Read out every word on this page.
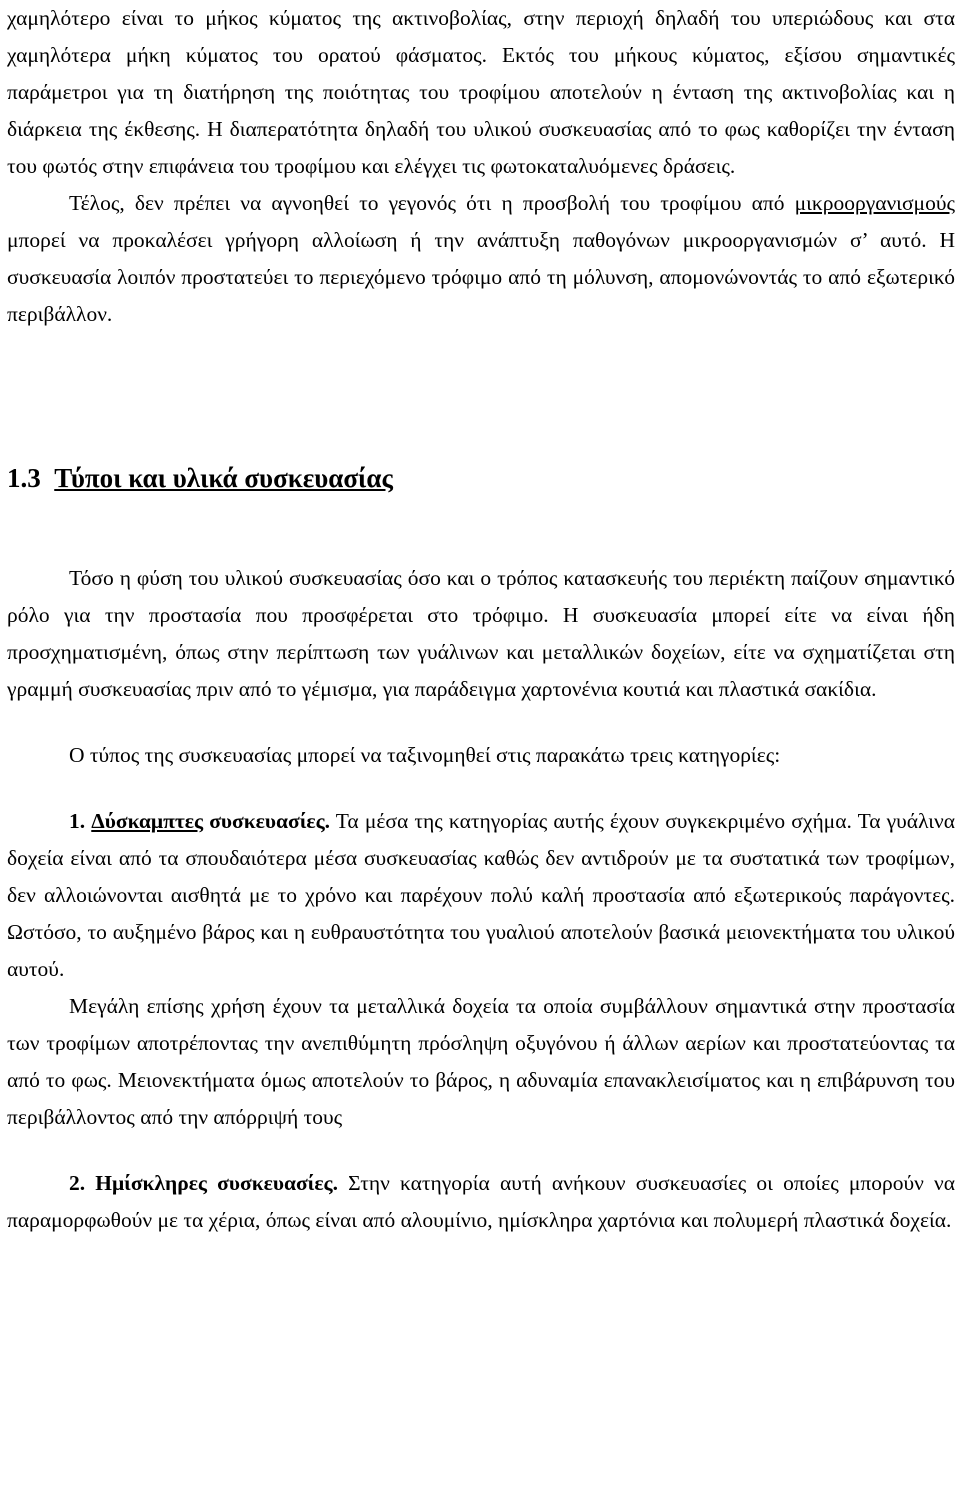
χαμηλότερο είναι το μήκος κύματος της ακτινοβολίας, στην περιοχή δηλαδή του υπεριώδους και στα χαμηλότερα μήκη κύματος του ορατού φάσματος. Εκτός του μήκους κύματος, εξίσου σημαντικές παράμετροι για τη διατήρηση της ποιότητας του τροφίμου αποτελούν η ένταση της ακτινοβολίας και η διάρκεια της έκθεσης. Η διαπερατότητα δηλαδή του υλικού συσκευασίας από το φως καθορίζει την ένταση του φωτός στην επιφάνεια του τροφίμου και ελέγχει τις φωτοκαταλυόμενες δράσεις.

Τέλος, δεν πρέπει να αγνοηθεί το γεγονός ότι η προσβολή του τροφίμου από μικροοργανισμούς μπορεί να προκαλέσει γρήγορη αλλοίωση ή την ανάπτυξη παθογόνων μικροοργανισμών σ’ αυτό. Η συσκευασία λοιπόν προστατεύει το περιεχόμενο τρόφιμο από τη μόλυνση, απομονώνοντάς το από εξωτερικό περιβάλλον.

1.3 Τύποι και υλικά συσκευασίας

Τόσο η φύση του υλικού συσκευασίας όσο και ο τρόπος κατασκευής του περιέκτη παίζουν σημαντικό ρόλο για την προστασία που προσφέρεται στο τρόφιμο. Η συσκευασία μπορεί είτε να είναι ήδη προσχηματισμένη, όπως στην περίπτωση των γυάλινων και μεταλλικών δοχείων, είτε να σχηματίζεται στη γραμμή συσκευασίας πριν από το γέμισμα, για παράδειγμα χαρτονένια κουτιά και πλαστικά σακίδια.

Ο τύπος της συσκευασίας μπορεί να ταξινομηθεί στις παρακάτω τρεις κατηγορίες:

1. Δύσκαμπτες συσκευασίες. Τα μέσα της κατηγορίας αυτής έχουν συγκεκριμένο σχήμα. Τα γυάλινα δοχεία είναι από τα σπουδαιότερα μέσα συσκευασίας καθώς δεν αντιδρούν με τα συστατικά των τροφίμων, δεν αλλοιώνονται αισθητά με το χρόνο και παρέχουν πολύ καλή προστασία από εξωτερικούς παράγοντες. Ωστόσο, το αυξημένο βάρος και η ευθραυστότητα του γυαλιού αποτελούν βασικά μειονεκτήματα του υλικού αυτού.

Μεγάλη επίσης χρήση έχουν τα μεταλλικά δοχεία τα οποία συμβάλλουν σημαντικά στην προστασία των τροφίμων αποτρέποντας την ανεπιθύμητη πρόσληψη οξυγόνου ή άλλων αερίων και προστατεύοντας τα από το φως. Μειονεκτήματα όμως αποτελούν το βάρος, η αδυναμία επανακλεισίματος και η επιβάρυνση του περιβάλλοντος από την απόρριψή τους

2. Ημίσκληρες συσκευασίες. Στην κατηγορία αυτή ανήκουν συσκευασίες οι οποίες μπορούν να παραμορφωθούν με τα χέρια, όπως είναι από αλουμίνιο, ημίσκληρα χαρτόνια και πολυμερή πλαστικά δοχεία.
